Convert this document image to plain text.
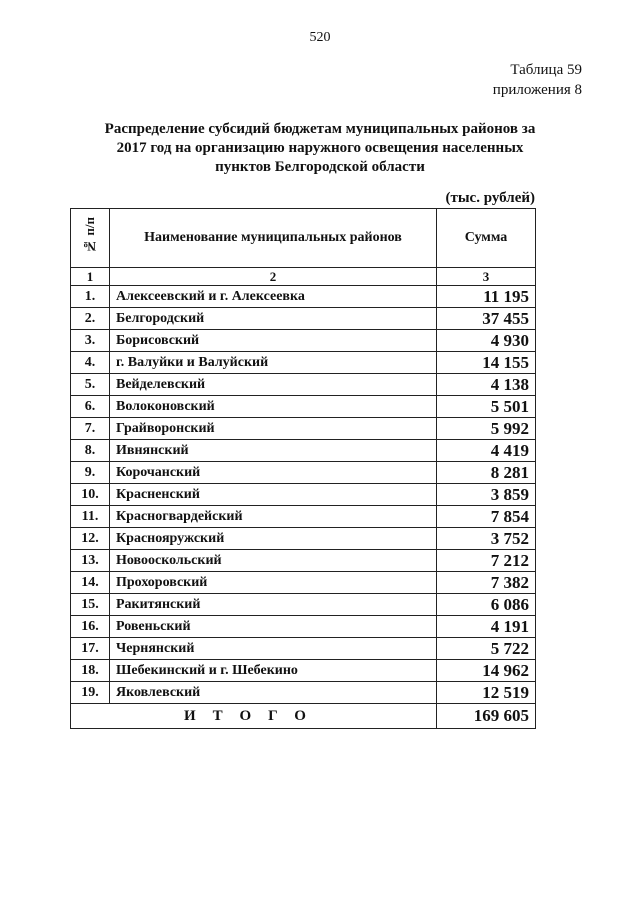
520
Таблица 59
приложения 8
Распределение субсидий бюджетам муниципальных районов за
2017 год на организацию наружного освещения населенных
пунктов Белгородской области
(тыс. рублей)
№ п/п	Наименование муниципальных районов	Сумма
1	2	3
1.	Алексеевский и г. Алексеевка	11 195
2.	Белгородский	37 455
3.	Борисовский	4 930
4.	г. Валуйки и Валуйский	14 155
5.	Вейделевский	4 138
6.	Волоконовский	5 501
7.	Грайворонский	5 992
8.	Ивнянский	4 419
9.	Корочанский	8 281
10.	Красненский	3 859
11.	Красногвардейский	7 854
12.	Краснояружский	3 752
13.	Новооскольский	7 212
14.	Прохоровский	7 382
15.	Ракитянский	6 086
16.	Ровеньский	4 191
17.	Чернянский	5 722
18.	Шебекинский и г. Шебекино	14 962
19.	Яковлевский	12 519
ИТОГО		169 605
